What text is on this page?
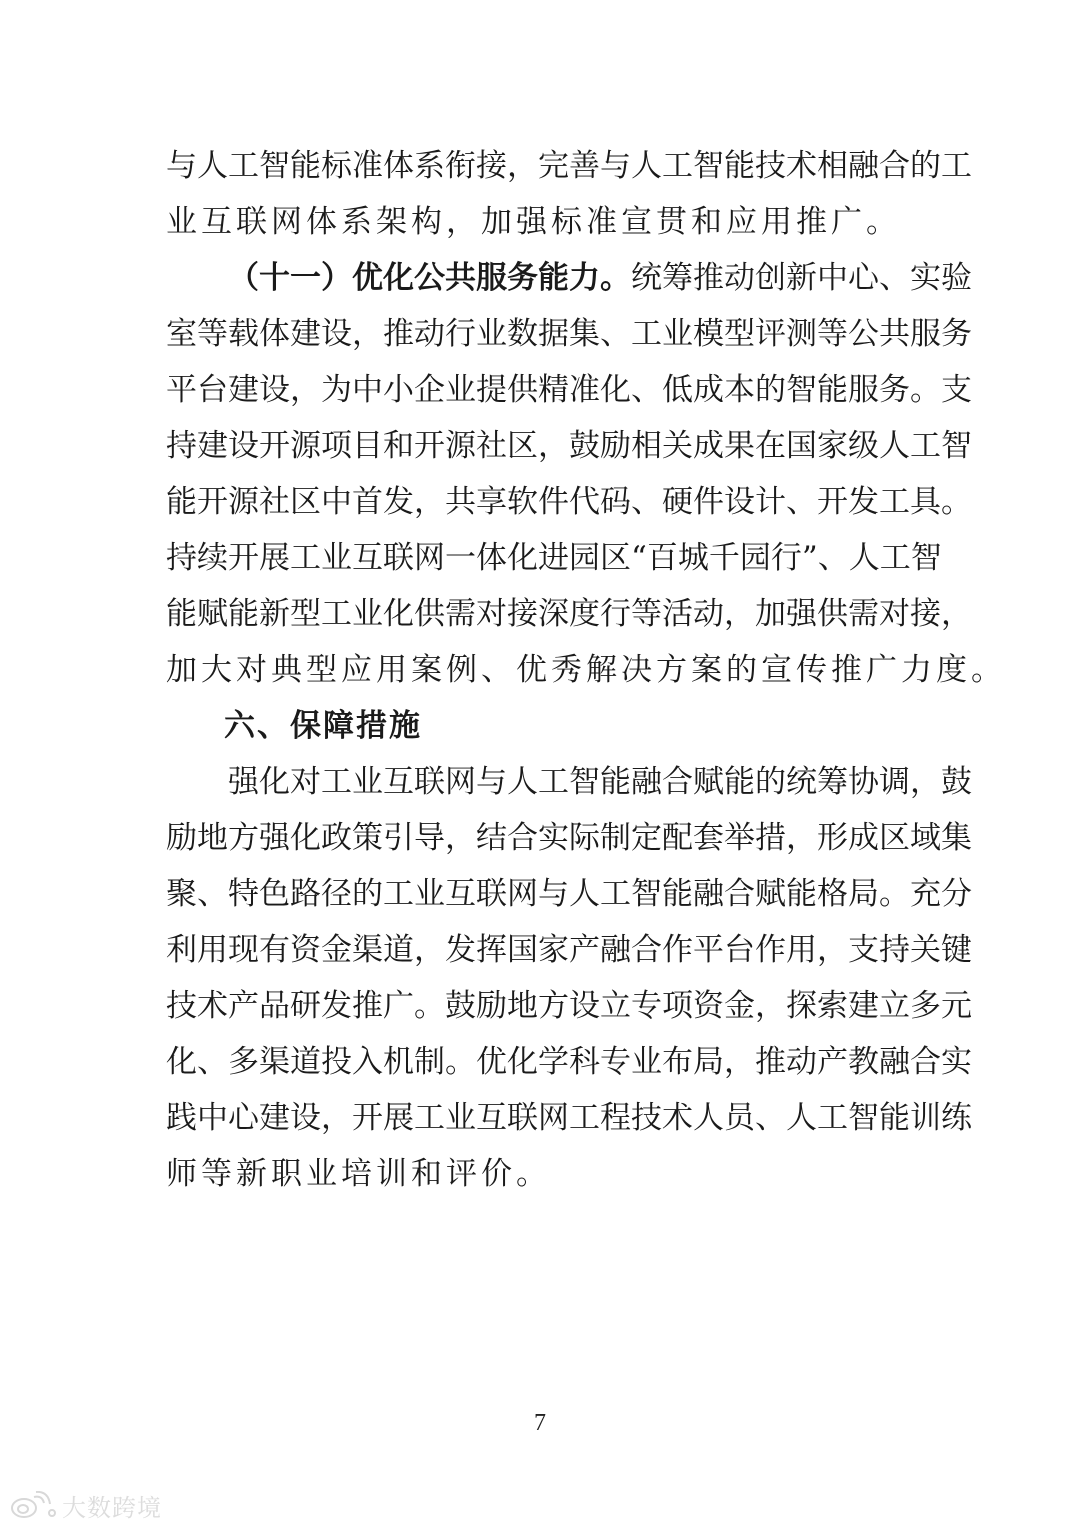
与人工智能标准体系衔接，完善与人工智能技术相融合的工
业互联网体系架构，加强标准宣贯和应用推广。
（十一）优化公共服务能力。统筹推动创新中心、实验
室等载体建设，推动行业数据集、工业模型评测等公共服务
平台建设，为中小企业提供精准化、低成本的智能服务。支
持建设开源项目和开源社区，鼓励相关成果在国家级人工智
能开源社区中首发，共享软件代码、硬件设计、开发工具。
持续开展工业互联网一体化进园区“百城千园行”、人工智
能赋能新型工业化供需对接深度行等活动，加强供需对接，
加大对典型应用案例、优秀解决方案的宣传推广力度。
六、保障措施
强化对工业互联网与人工智能融合赋能的统筹协调，鼓
励地方强化政策引导，结合实际制定配套举措，形成区域集
聚、特色路径的工业互联网与人工智能融合赋能格局。充分
利用现有资金渠道，发挥国家产融合作平台作用，支持关键
技术产品研发推广。鼓励地方设立专项资金，探索建立多元
化、多渠道投入机制。优化学科专业布局，推动产教融合实
践中心建设，开展工业互联网工程技术人员、人工智能训练
师等新职业培训和评价。
7
大数跨境
